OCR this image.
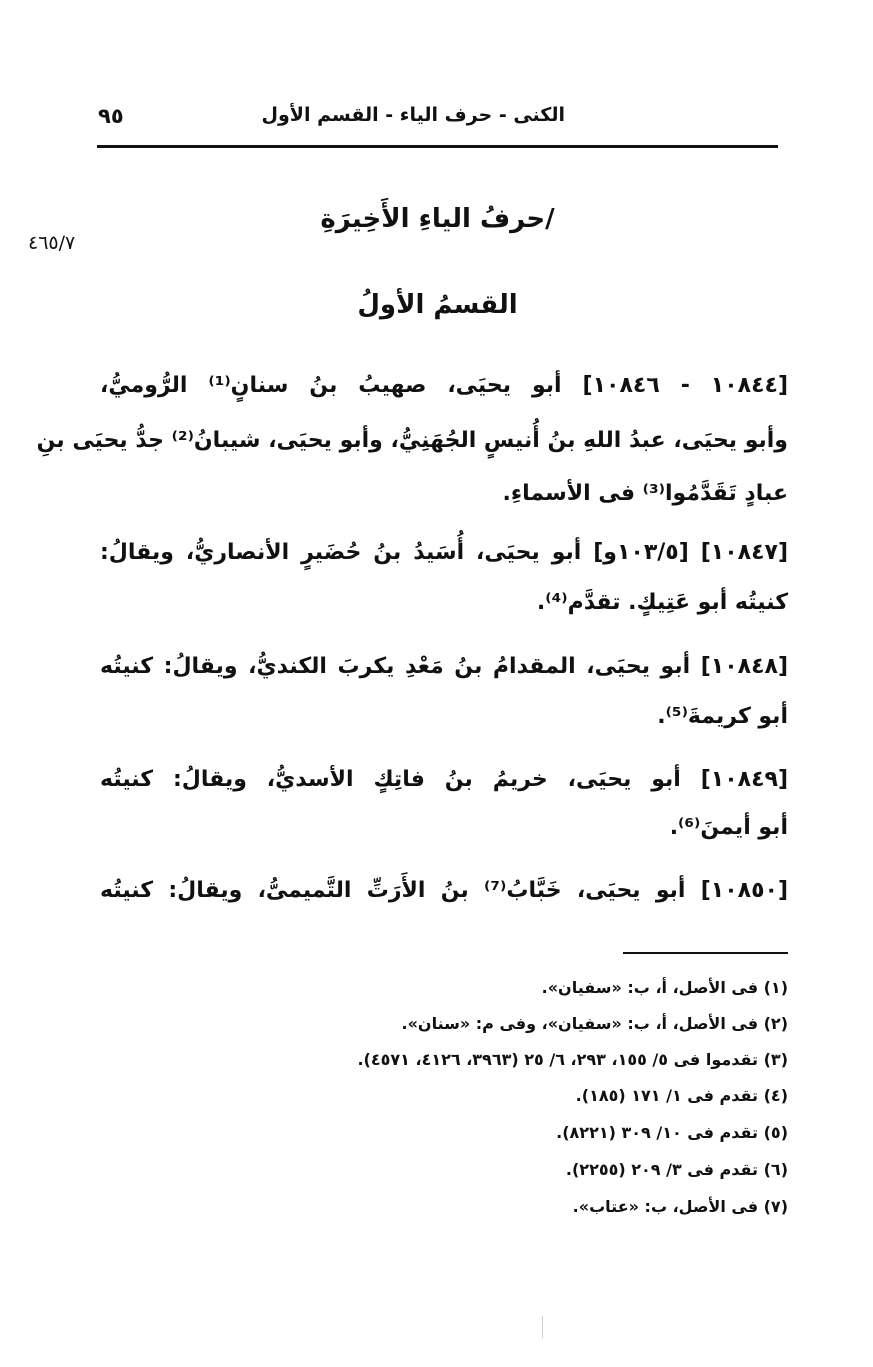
الكنى - حرف الياء - القسم الأول
٩٥
٤٦٥/٧
/حرفُ الياءِ الأَخِيرَةِ
القسمُ الأولُ
[١٠٨٤٤ - ١٠٨٤٦] أبو يحيَى، صهيبُ بنُ سنانٍ⁽¹⁾ الرُّوميُّ،
وأبو يحيَى، عبدُ اللهِ بنُ أُنيسٍ الجُهَنِيُّ، وأبو يحيَى، شيبانُ⁽²⁾ جدُّ يحيَى بنِ
عبادٍ تَقَدَّمُوا⁽³⁾ فى الأسماءِ.
[١٠٨٤٧] [١٠٣/٥و] أبو يحيَى، أُسَيدُ بنُ حُضَيرٍ الأنصاريُّ، ويقالُ:
كنيتُه أبو عَتِيكٍ. تقدَّم⁽⁴⁾.
[١٠٨٤٨] أبو يحيَى، المقدامُ بنُ مَعْدِ يكربَ الكنديُّ، ويقالُ: كنيتُه
أبو كريمةَ⁽⁵⁾.
[١٠٨٤٩] أبو يحيَى، خريمُ بنُ فاتِكٍ الأسديُّ، ويقالُ: كنيتُه
أبو أيمنَ⁽⁶⁾.
[١٠٨٥٠] أبو يحيَى، خَبَّابُ⁽⁷⁾ بنُ الأَرَتِّ التَّميمىُّ، ويقالُ: كنيتُه
(١) فى الأصل، أ، ب: «سفيان».
(٢) فى الأصل، أ، ب: «سفيان»، وفى م: «سنان».
(٣) تقدموا فى ٥/ ١٥٥، ٢٩٣، ٦/ ٢٥ (٣٩٦٣، ٤١٢٦، ٤٥٧١).
(٤) تقدم فى ١/ ١٧١ (١٨٥).
(٥) تقدم فى ١٠/ ٣٠٩ (٨٢٢١).
(٦) تقدم فى ٣/ ٢٠٩ (٢٢٥٥).
(٧) فى الأصل، ب: «عتاب».
